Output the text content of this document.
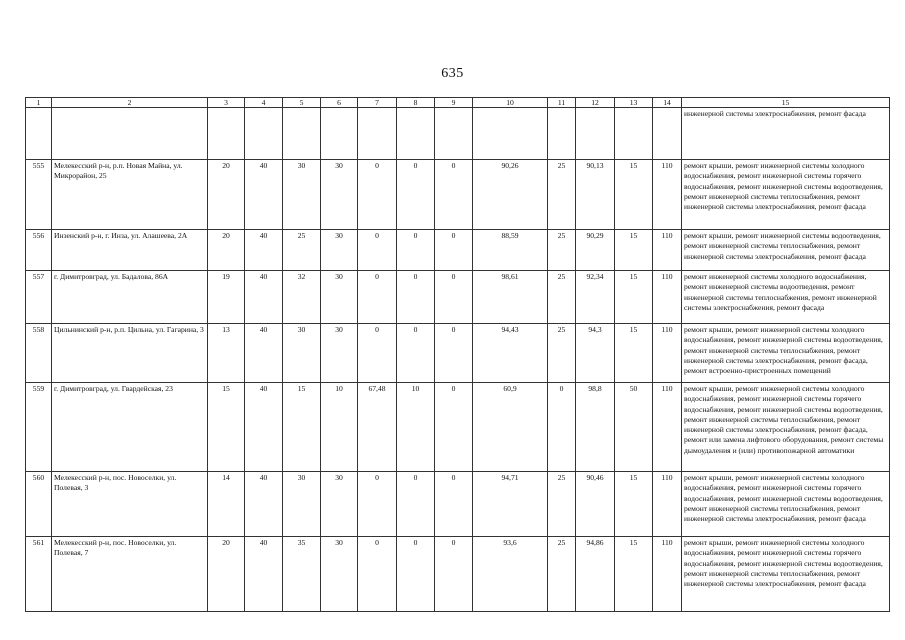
635
1	2	3	4	5	6	7	8	9	10	11	12	13	14	15
														инженерной системы электроснабжения, ремонт фасада
555	Мелекесский р-н, р.п. Новая Майна, ул. Микрорайон, 25	20	40	30	30	0	0	0	90,26	25	90,13	15	110	ремонт крыши, ремонт инженерной системы холодного водоснабжения, ремонт инженерной системы горячего водоснабжения, ремонт инженерной системы водоотведения, ремонт инженерной системы теплоснабжения, ремонт инженерной системы электроснабжения, ремонт фасада
556	Инзенский р-н, г. Инза, ул. Алашеева, 2А	20	40	25	30	0	0	0	88,59	25	90,29	15	110	ремонт крыши, ремонт инженерной системы водоотведения, ремонт инженерной системы теплоснабжения, ремонт инженерной системы электроснабжения, ремонт фасада
557	г. Димитровград, ул. Бадалова, 86А	19	40	32	30	0	0	0	98,61	25	92,34	15	110	ремонт инженерной системы холодного водоснабжения, ремонт инженерной системы водоотведения, ремонт инженерной системы теплоснабжения, ремонт инженерной системы электроснабжения, ремонт фасада
558	Цильнинский р-н, р.п. Цильна, ул. Гагарина, 3	13	40	30	30	0	0	0	94,43	25	94,3	15	110	ремонт крыши, ремонт инженерной системы холодного водоснабжения, ремонт инженерной системы водоотведения, ремонт инженерной системы теплоснабжения, ремонт инженерной системы электроснабжения, ремонт фасада, ремонт встроенно-пристроенных помещений
559	г. Димитровград, ул. Гвардейская, 23	15	40	15	10	67,48	10	0	60,9	0	98,8	50	110	ремонт крыши, ремонт инженерной системы холодного водоснабжения, ремонт инженерной системы горячего водоснабжения, ремонт инженерной системы водоотведения, ремонт инженерной системы теплоснабжения, ремонт инженерной системы электроснабжения, ремонт фасада, ремонт или замена лифтового оборудования, ремонт системы дымоудаления и (или) противопожарной автоматики
560	Мелекесский р-н, пос. Новоселки, ул. Полевая, 3	14	40	30	30	0	0	0	94,71	25	90,46	15	110	ремонт крыши, ремонт инженерной системы холодного водоснабжения, ремонт инженерной системы горячего водоснабжения, ремонт инженерной системы водоотведения, ремонт инженерной системы теплоснабжения, ремонт инженерной системы электроснабжения, ремонт фасада
561	Мелекесский р-н, пос. Новоселки, ул. Полевая, 7	20	40	35	30	0	0	0	93,6	25	94,86	15	110	ремонт крыши, ремонт инженерной системы холодного водоснабжения, ремонт инженерной системы горячего водоснабжения, ремонт инженерной системы водоотведения, ремонт инженерной системы теплоснабжения, ремонт инженерной системы электроснабжения, ремонт фасада
